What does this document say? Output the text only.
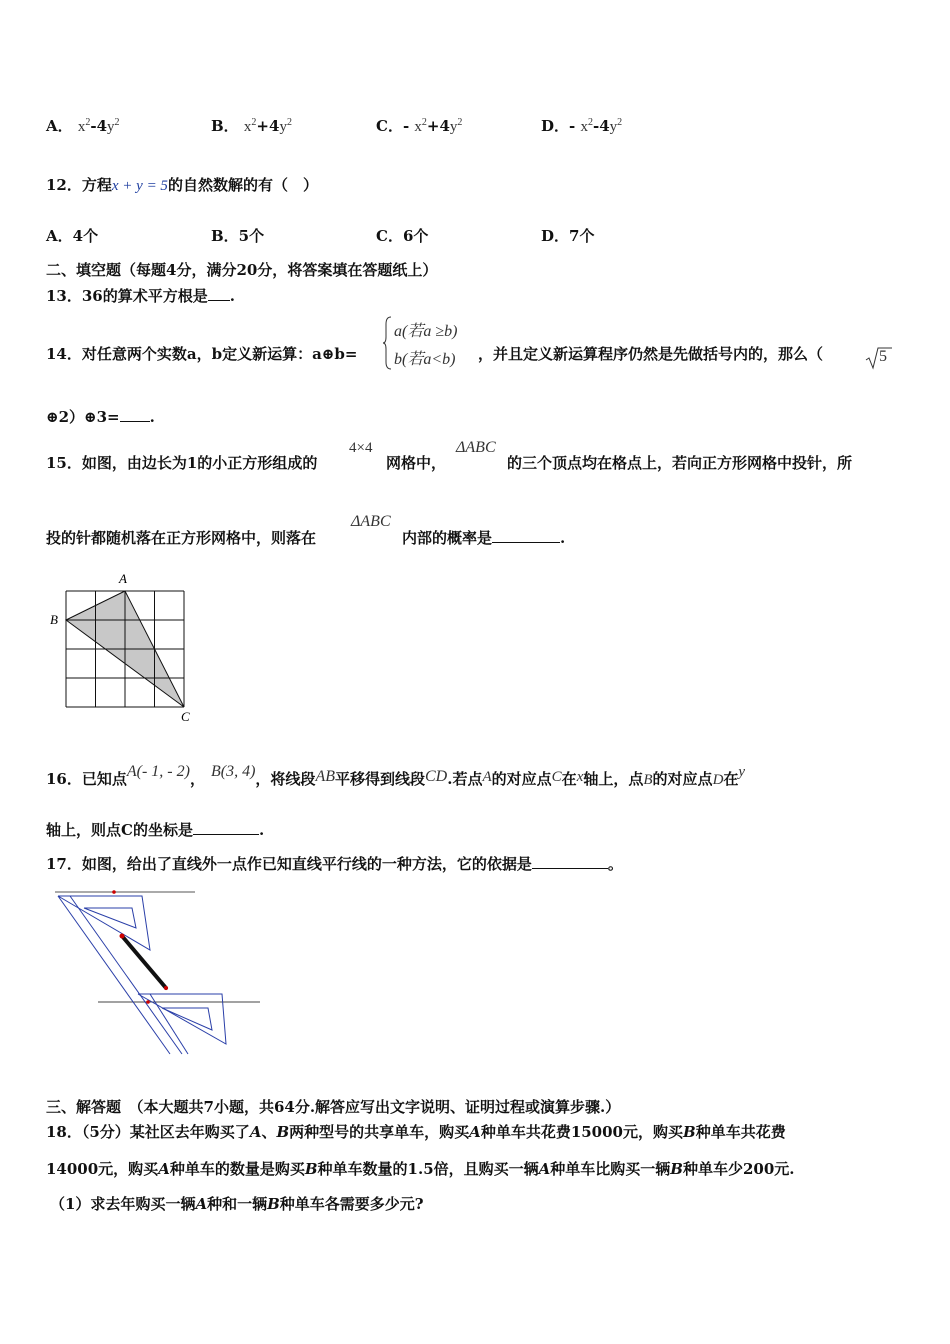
A． $x^2-4y^2$	B． $x^2+4y^2$	C．- $x^2+4y^2$	D．- $x^2-4y^2$
12．方程x + y = 5的自然数解的有（　）
A．4个	B．5个	C．6个	D．7个
二、填空题（每题4分，满分20分，将答案填在答题纸上）
13．36的算术平方根是 .
14．对任意两个实数a，b定义新运算：a⊕b=
a(若a ≥b)
b(若a<b) ，并且定义新运算程序仍然是先做括号内的，那么（	5
⊕2）⊕3= .
15．如图，由边长为1的小正方形组成的
4×4
网格中，
ΔABC
的三个顶点均在格点上，若向正方形网格中投针，所
投的针都随机落在正方形网格中，则落在
ΔABC
内部的概率是	.
A
B
C
16．已知点A(- 1, - 2)， B(3, 4)，将线段AB平移得到线段CD.若点A的对应点C在x轴上，点B的对应点D在y
轴上，则点C的坐标是	.
17．如图，给出了直线外一点作已知直线平行线的一种方法，它的依据是	。
三、解答题　（本大题共7小题，共64分.解答应写出文字说明、证明过程或演算步骤.）
18．（5分）某社区去年购买了A、B两种型号的共享单车，购买A种单车共花费15000元，购买B种单车共花费
14000元，购买A种单车的数量是购买B种单车数量的1.5倍，且购买一辆A种单车比购买一辆B种单车少200元.
（1）求去年购买一辆A种和一辆B种单车各需要多少元?
